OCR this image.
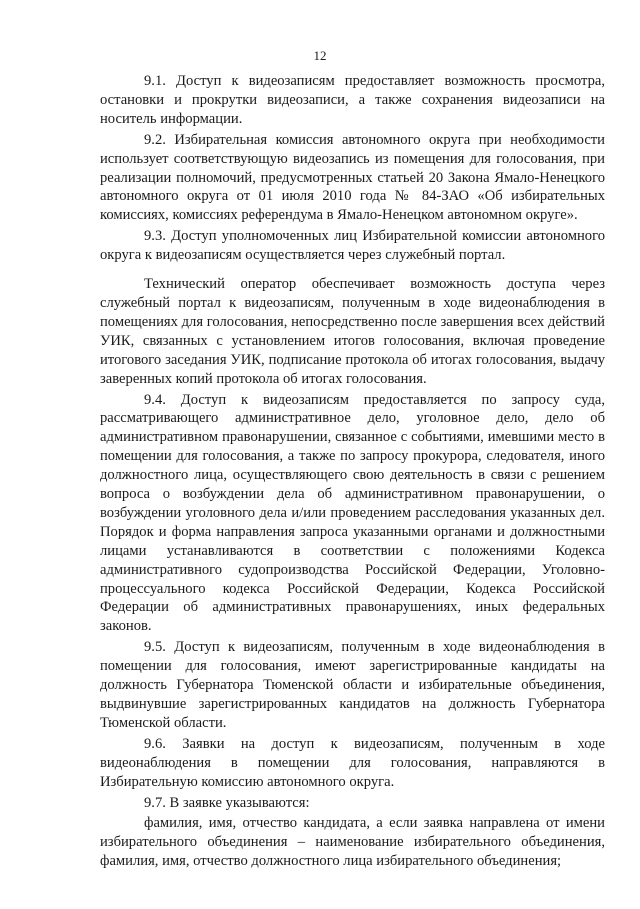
12

9.1. Доступ к видеозаписям предоставляет возможность просмотра, остановки и прокрутки видеозаписи, а также сохранения видеозаписи на носитель информации.

9.2. Избирательная комиссия автономного округа при необходимости использует соответствующую видеозапись из помещения для голосования, при реализации полномочий, предусмотренных статьей 20 Закона Ямало-Ненецкого автономного округа от 01 июля 2010 года № 84-ЗАО «Об избирательных комиссиях, комиссиях референдума в Ямало-Ненецком автономном округе».

9.3. Доступ уполномоченных лиц Избирательной комиссии автономного округа к видеозаписям осуществляется через служебный портал.

Технический оператор обеспечивает возможность доступа через служебный портал к видеозаписям, полученным в ходе видеонаблюдения в помещениях для голосования, непосредственно после завершения всех действий УИК, связанных с установлением итогов голосования, включая проведение итогового заседания УИК, подписание протокола об итогах голосования, выдачу заверенных копий протокола об итогах голосования.

9.4. Доступ к видеозаписям предоставляется по запросу суда, рассматривающего административное дело, уголовное дело, дело об административном правонарушении, связанное с событиями, имевшими место в помещении для голосования, а также по запросу прокурора, следователя, иного должностного лица, осуществляющего свою деятельность в связи с решением вопроса о возбуждении дела об административном правонарушении, о возбуждении уголовного дела и/или проведением расследования указанных дел. Порядок и форма направления запроса указанными органами и должностными лицами устанавливаются в соответствии с положениями Кодекса административного судопроизводства Российской Федерации, Уголовно-процессуального кодекса Российской Федерации, Кодекса Российской Федерации об административных правонарушениях, иных федеральных законов.

9.5. Доступ к видеозаписям, полученным в ходе видеонаблюдения в помещении для голосования, имеют зарегистрированные кандидаты на должность Губернатора Тюменской области и избирательные объединения, выдвинувшие зарегистрированных кандидатов на должность Губернатора Тюменской области.

9.6. Заявки на доступ к видеозаписям, полученным в ходе видеонаблюдения в помещении для голосования, направляются в Избирательную комиссию автономного округа.

9.7. В заявке указываются:

фамилия, имя, отчество кандидата, а если заявка направлена от имени избирательного объединения – наименование избирательного объединения, фамилия, имя, отчество должностного лица избирательного объединения;
